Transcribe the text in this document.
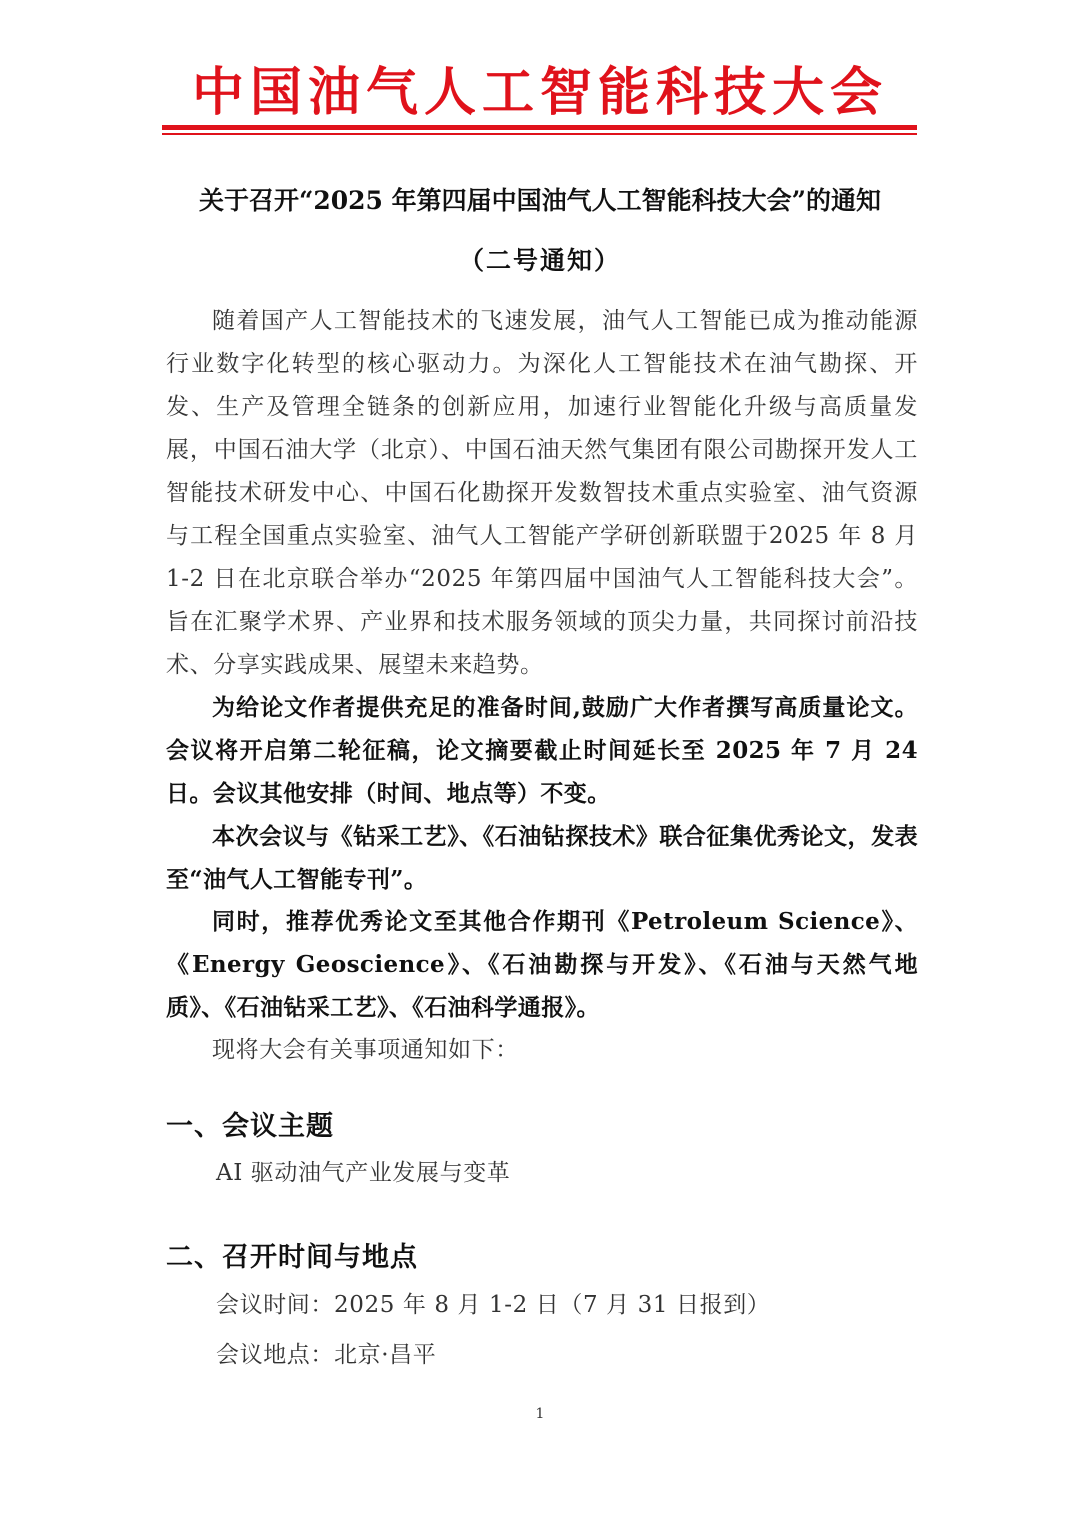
中国油气人工智能科技大会
关于召开“2025 年第四届中国油气人工智能科技大会”的通知
（二号通知）

随着国产人工智能技术的飞速发展，油气人工智能已成为推动能源行业数字化转型的核心驱动力。为深化人工智能技术在油气勘探、开发、生产及管理全链条的创新应用，加速行业智能化升级与高质量发展，中国石油大学（北京）、中国石油天然气集团有限公司勘探开发人工智能技术研发中心、中国石化勘探开发数智技术重点实验室、油气资源与工程全国重点实验室、油气人工智能产学研创新联盟于2025 年 8 月 1-2 日在北京联合举办“2025 年第四届中国油气人工智能科技大会”。旨在汇聚学术界、产业界和技术服务领域的顶尖力量，共同探讨前沿技术、分享实践成果、展望未来趋势。

为给论文作者提供充足的准备时间,鼓励广大作者撰写高质量论文。会议将开启第二轮征稿，论文摘要截止时间延长至 2025 年 7 月 24 日。会议其他安排（时间、地点等）不变。

本次会议与《钻采工艺》、《石油钻探技术》联合征集优秀论文，发表至“油气人工智能专刊”。

同时，推荐优秀论文至其他合作期刊《Petroleum Science》、《Energy Geoscience》、《石油勘探与开发》、《石油与天然气地质》、《石油钻采工艺》、《石油科学通报》。

现将大会有关事项通知如下：

一、会议主题
AI 驱动油气产业发展与变革
二、召开时间与地点
会议时间：2025 年 8 月 1-2 日（7 月 31 日报到）
会议地点：北京·昌平
1
